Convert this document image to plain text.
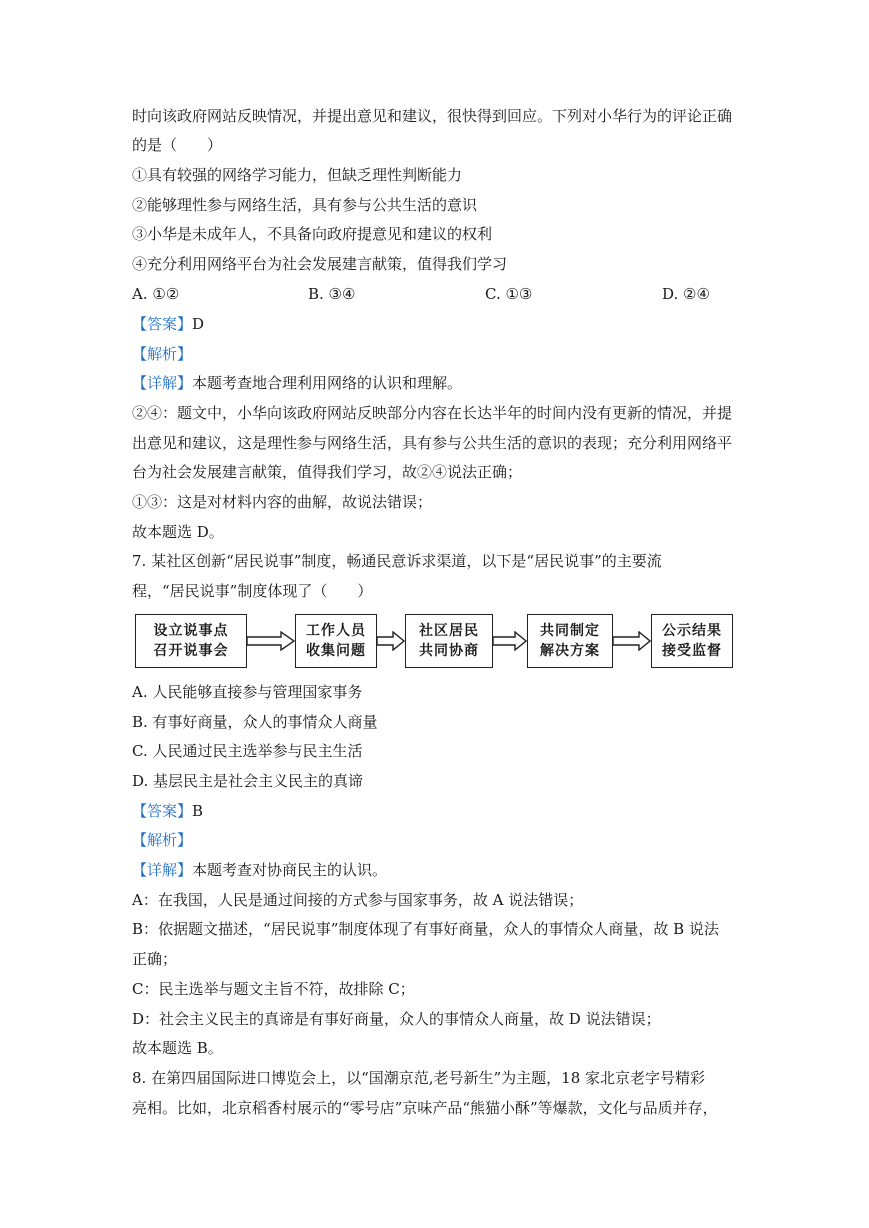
时向该政府网站反映情况，并提出意见和建议，很快得到回应。下列对小华行为的评论正确
的是（　　）
①具有较强的网络学习能力，但缺乏理性判断能力
②能够理性参与网络生活，具有参与公共生活的意识
③小华是未成年人，不具备向政府提意见和建议的权利
④充分利用网络平台为社会发展建言献策，值得我们学习
A. ①②	B. ③④	C. ①③	D. ②④
【答案】D
【解析】
【详解】本题考查地合理利用网络的认识和理解。
②④：题文中，小华向该政府网站反映部分内容在长达半年的时间内没有更新的情况，并提
出意见和建议，这是理性参与网络生活，具有参与公共生活的意识的表现；充分利用网络平
台为社会发展建言献策，值得我们学习，故②④说法正确；
①③：这是对材料内容的曲解，故说法错误；
故本题选 D。
7. 某社区创新“居民说事”制度，畅通民意诉求渠道，以下是“居民说事”的主要流
程，“居民说事”制度体现了（　　）
设立说事点
召开说事会
工作人员
收集问题
社区居民
共同协商
共同制定
解决方案
公示结果
接受监督
A. 人民能够直接参与管理国家事务
B. 有事好商量，众人的事情众人商量
C. 人民通过民主选举参与民主生活
D. 基层民主是社会主义民主的真谛
【答案】B
【解析】
【详解】本题考查对协商民主的认识。
A：在我国，人民是通过间接的方式参与国家事务，故 A 说法错误；
B：依据题文描述，“居民说事”制度体现了有事好商量，众人的事情众人商量，故 B 说法
正确；
C：民主选举与题文主旨不符，故排除 C；
D：社会主义民主的真谛是有事好商量，众人的事情众人商量，故 D 说法错误；
故本题选 B。
8. 在第四届国际进口博览会上，以“国潮京范,老号新生”为主题，18 家北京老字号精彩
亮相。比如，北京稻香村展示的“零号店”京味产品“熊猫小酥”等爆款，文化与品质并存，
